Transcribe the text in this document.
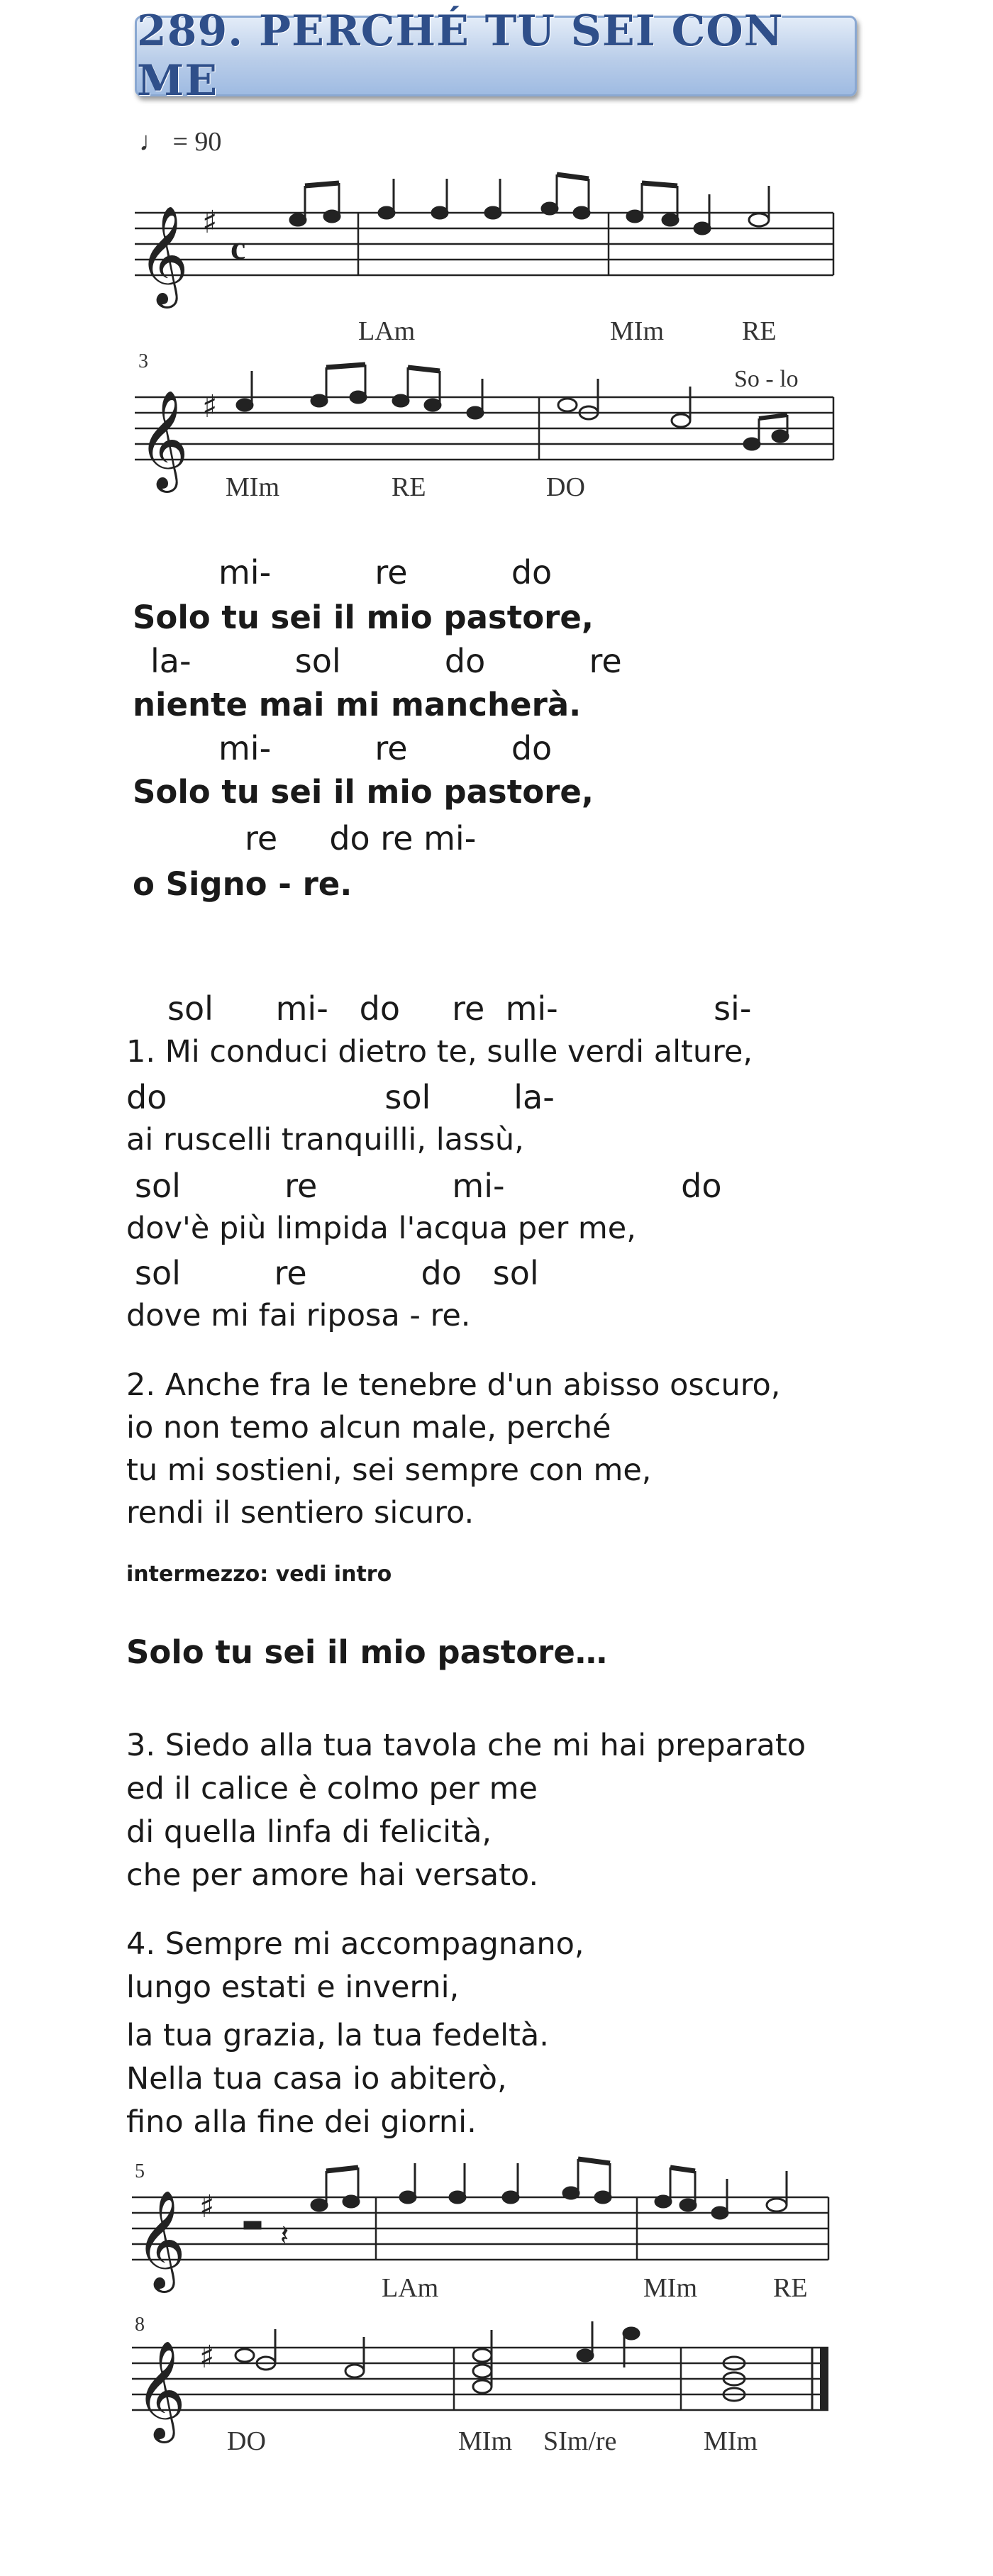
289. PERCHÉ TU SEI CON ME
♩ = 90
𝄞 ♯
c
LAm	MIm	RE
3
So - lo
𝄞 ♯
MIm	RE	DO
mi-          re          do
Solo tu sei il mio pastore,
la-          sol          do          re
niente mai mi mancherà.
mi-          re          do
Solo tu sei il mio pastore,
re     do re mi-
o Signo - re.
sol      mi-   do     re  mi-               si-
1. Mi conduci dietro te, sulle verdi alture,
do                     sol        la-
ai ruscelli tranquilli, lassù,
sol          re             mi-                 do
dov'è più limpida l'acqua per me,
sol         re           do   sol
dove mi fai riposa - re.
2. Anche fra le tenebre d'un abisso oscuro,
io non temo alcun male, perché
tu mi sostieni, sei sempre con me,
rendi il sentiero sicuro.
intermezzo: vedi intro
Solo tu sei il mio pastore…
3. Siedo alla tua tavola che mi hai preparato
ed il calice è colmo per me
di quella linfa di felicità,
che per amore hai versato.
4. Sempre mi accompagnano,
lungo estati e inverni,
la tua grazia, la tua fedeltà.
Nella tua casa io abiterò,
fino alla fine dei giorni.
5
𝄞 ♯
𝄽
LAm	MIm	RE
8
𝄞 ♯
DO	MIm SIm/re	MIm
